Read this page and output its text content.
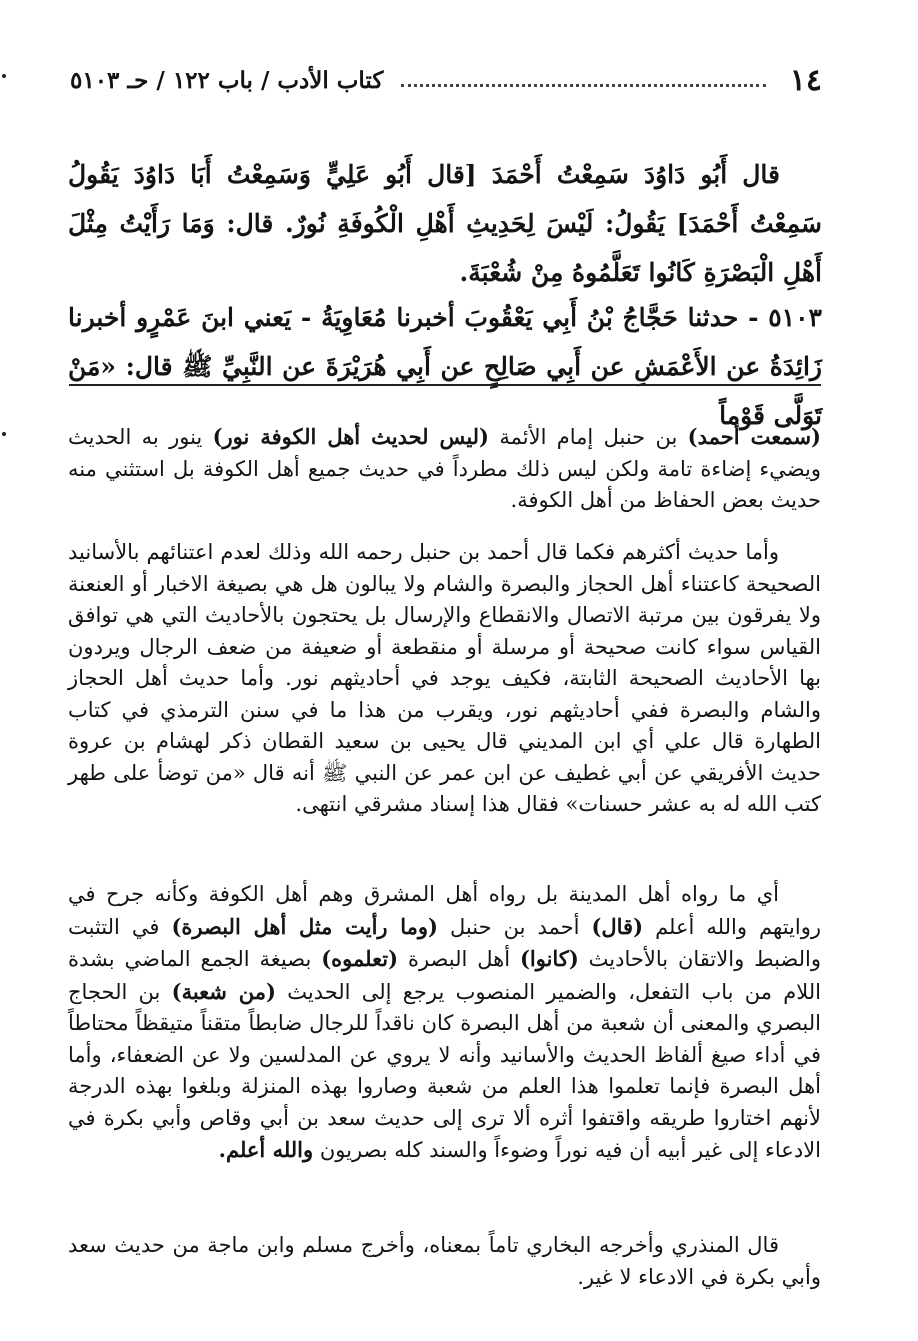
١٤
كتاب الأدب / باب ١٢٢ / حـ ٥١٠٣

قال أَبُو دَاوُدَ سَمِعْتُ أَحْمَدَ [قال أَبُو عَلِيٍّ وَسَمِعْتُ أَبَا دَاوُدَ يَقُولُ سَمِعْتُ أَحْمَدَ] يَقُولُ: لَيْسَ لِحَدِيثِ أَهْلِ الْكُوفَةِ نُورٌ. قال: وَمَا رَأَيْتُ مِثْلَ أَهْلِ الْبَصْرَةِ كَانُوا تَعَلَّمُوهُ مِنْ شُعْبَةَ.

٥١٠٣ - حدثنا حَجَّاجُ بْنُ أَبِي يَعْقُوبَ أخبرنا مُعَاوِيَةُ - يَعني ابنَ عَمْرٍو أخبرنا زَائِدَةُ عن الأَعْمَشِ عن أَبِي صَالِحٍ عن أَبِي هُرَيْرَةَ عن النَّبِيِّ ﷺ قال: «مَنْ تَوَلَّى قَوْماً

(سمعت أحمد) بن حنبل إمام الأئمة (ليس لحديث أهل الكوفة نور) ينور به الحديث ويضيء إضاءة تامة ولكن ليس ذلك مطرداً في حديث جميع أهل الكوفة بل استثني منه حديث بعض الحفاظ من أهل الكوفة.

وأما حديث أكثرهم فكما قال أحمد بن حنبل رحمه الله وذلك لعدم اعتنائهم بالأسانيد الصحيحة كاعتناء أهل الحجاز والبصرة والشام ولا يبالون هل هي بصيغة الاخبار أو العنعنة ولا يفرقون بين مرتبة الاتصال والانقطاع والإرسال بل يحتجون بالأحاديث التي هي توافق القياس سواء كانت صحيحة أو مرسلة أو منقطعة أو ضعيفة من ضعف الرجال ويردون بها الأحاديث الصحيحة الثابتة، فكيف يوجد في أحاديثهم نور. وأما حديث أهل الحجاز والشام والبصرة ففي أحاديثهم نور، ويقرب من هذا ما في سنن الترمذي في كتاب الطهارة قال علي أي ابن المديني قال يحيى بن سعيد القطان ذكر لهشام بن عروة حديث الأفريقي عن أبي غطيف عن ابن عمر عن النبي ﷺ أنه قال «من توضأ على طهر كتب الله له به عشر حسنات» فقال هذا إسناد مشرقي انتهى.

أي ما رواه أهل المدينة بل رواه أهل المشرق وهم أهل الكوفة وكأنه جرح في روايتهم والله أعلم (قال) أحمد بن حنبل (وما رأيت مثل أهل البصرة) في التثبت والضبط والاتقان بالأحاديث (كانوا) أهل البصرة (تعلموه) بصيغة الجمع الماضي بشدة اللام من باب التفعل، والضمير المنصوب يرجع إلى الحديث (من شعبة) بن الحجاج البصري والمعنى أن شعبة من أهل البصرة كان ناقداً للرجال ضابطاً متقناً متيقظاً محتاطاً في أداء صيغ ألفاظ الحديث والأسانيد وأنه لا يروي عن المدلسين ولا عن الضعفاء، وأما أهل البصرة فإنما تعلموا هذا العلم من شعبة وصاروا بهذه المنزلة وبلغوا بهذه الدرجة لأنهم اختاروا طريقه واقتفوا أثره ألا ترى إلى حديث سعد بن أبي وقاص وأبي بكرة في الادعاء إلى غير أبيه أن فيه نوراً وضوءاً والسند كله بصريون والله أعلم.

قال المنذري وأخرجه البخاري تاماً بمعناه، وأخرج مسلم وابن ماجة من حديث سعد وأبي بكرة في الادعاء لا غير.
